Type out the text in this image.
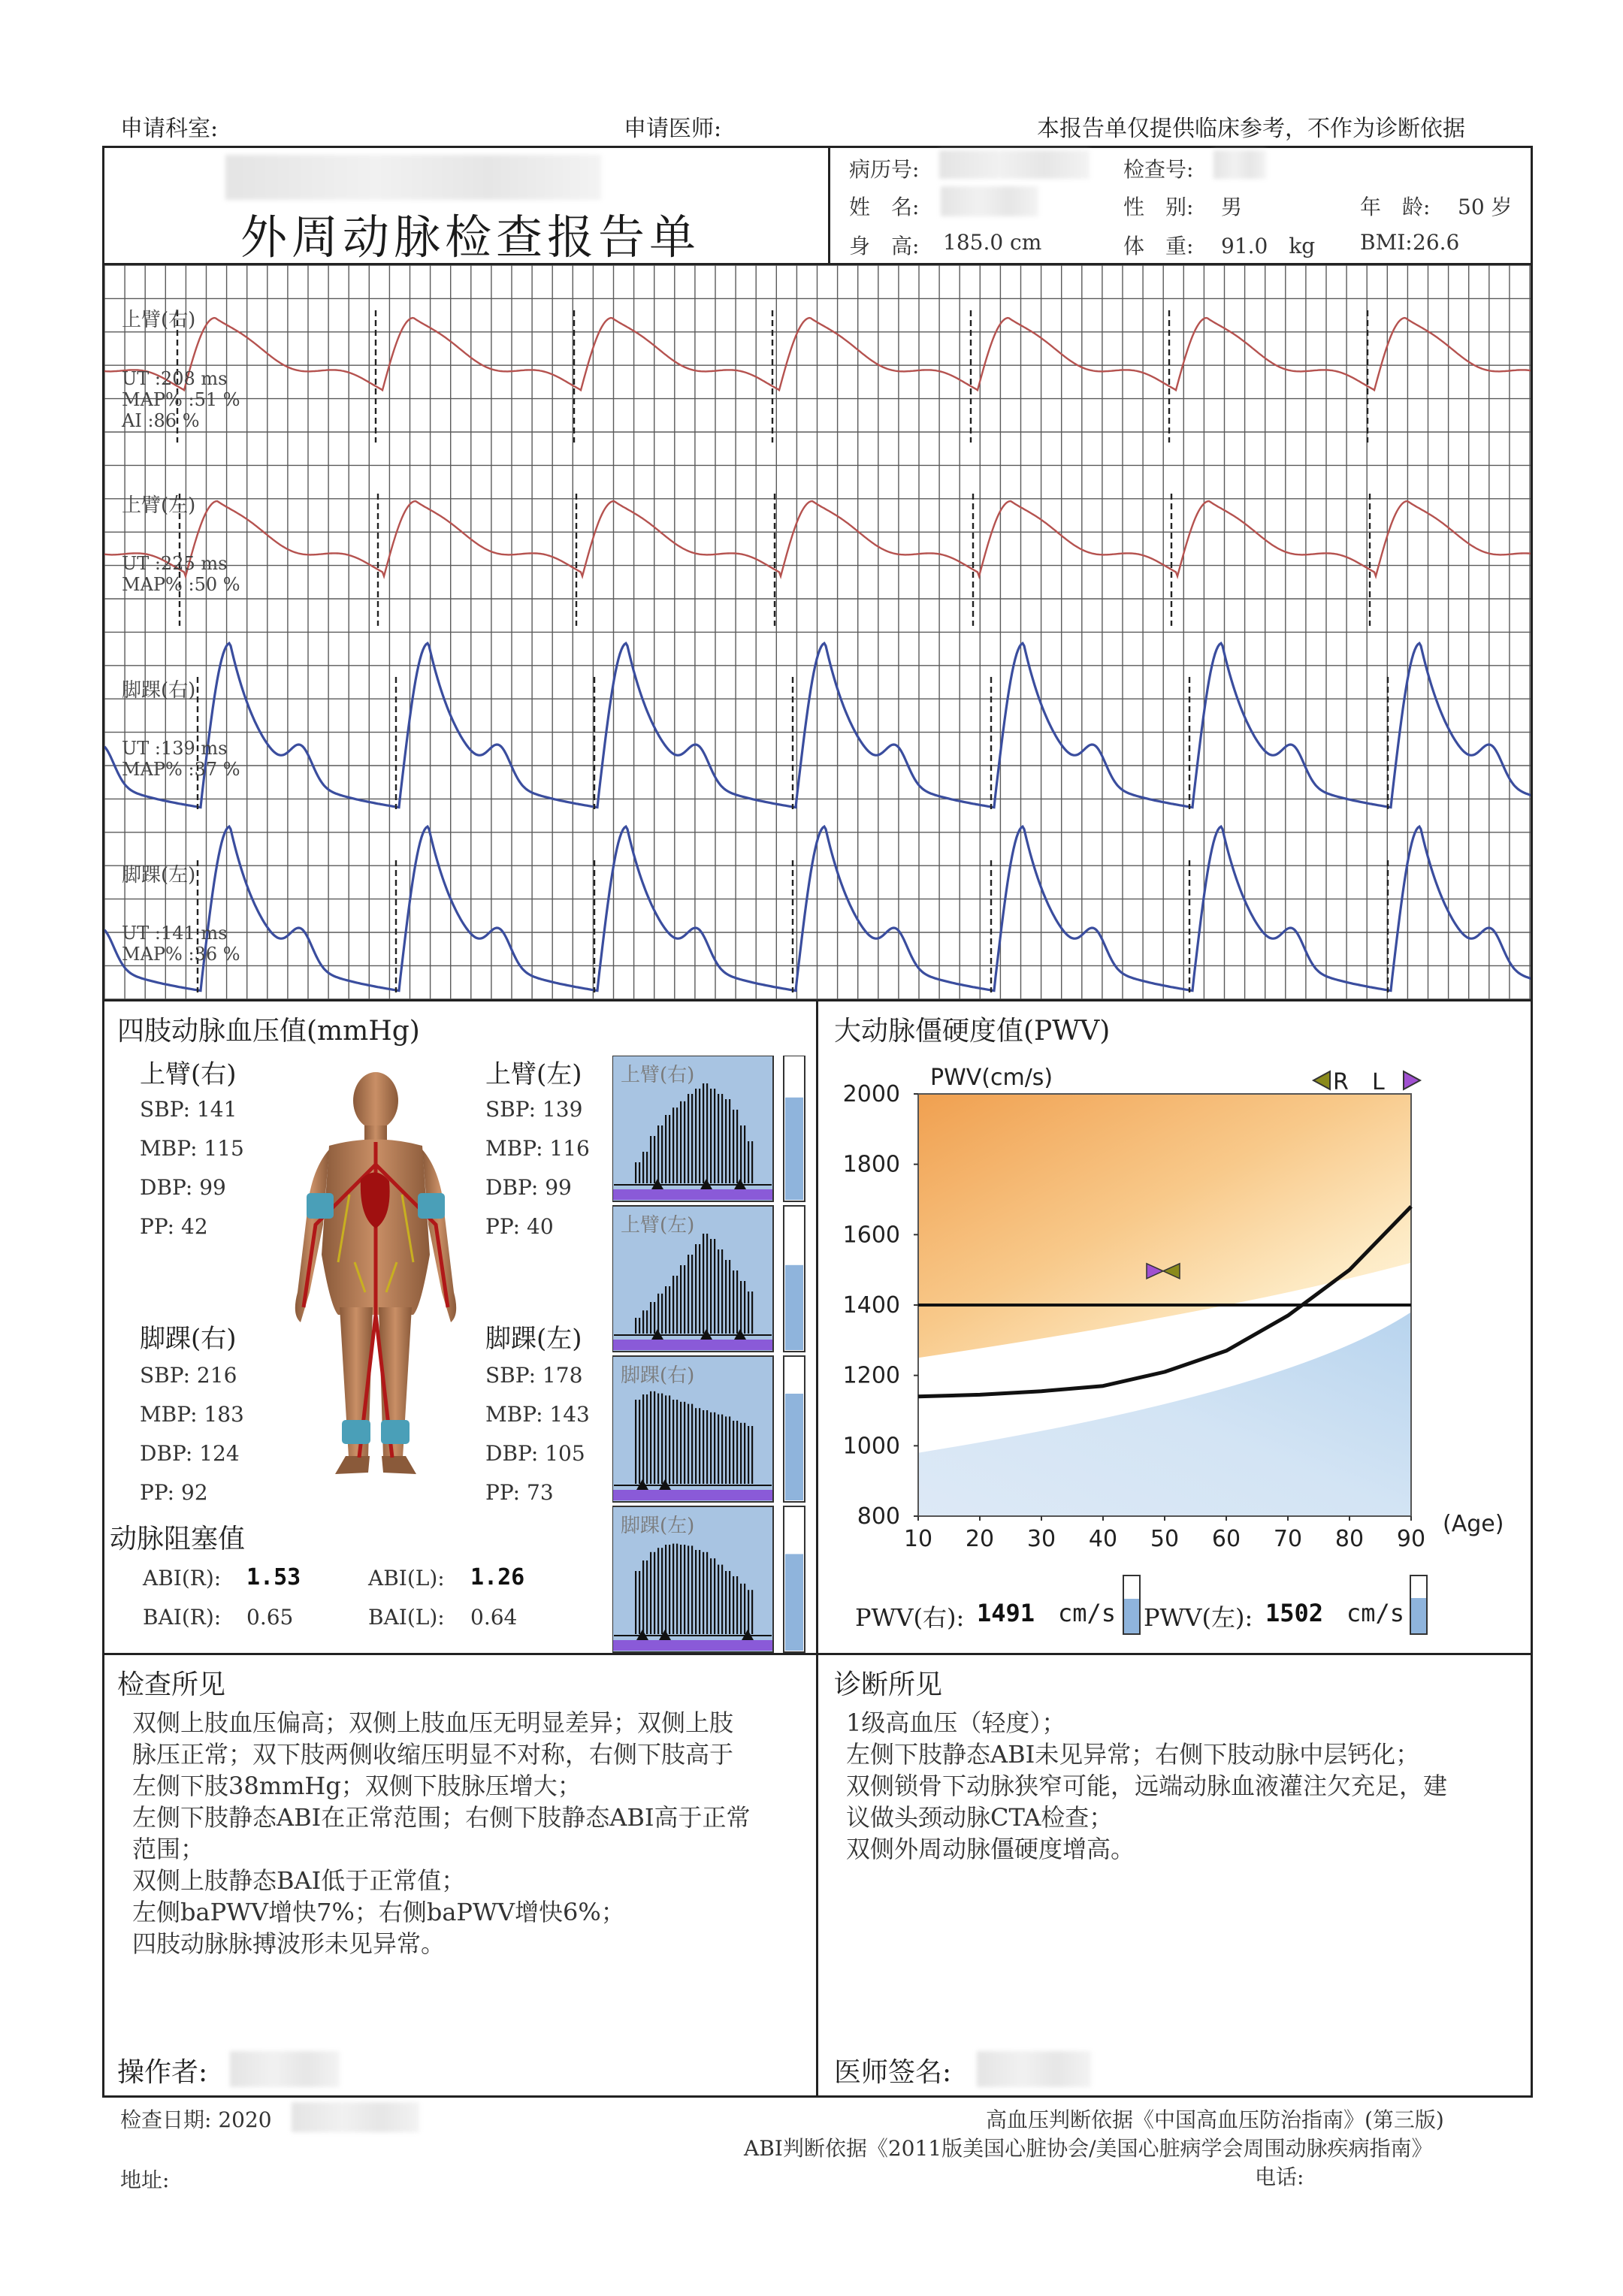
申请科室:	申请医师:	本报告单仅提供临床参考，不作为诊断依据
外周动脉检查报告单
病历号:	检查号:
姓　名:	性　别: 男	年　龄: 50 岁
身　高: 185.0 cm	体　重: 91.0　kg BMI: 26.6
上臂(右)
UT :208 ms
MAP% :51 %
AI :86 %
上臂(左)
UT :225 ms
MAP% :50 %
脚踝(右)
UT :139 ms
MAP% :37 %
脚踝(左)
UT :141 ms
MAP% :36 %
四肢动脉血压值(mmHg)
上臂(右)
SBP: 141
MBP: 115
DBP: 99
PP: 42
上臂(左)
SBP: 139
MBP: 116
DBP: 99
PP: 40
脚踝(右)
SBP: 216
MBP: 183
DBP: 124
PP: 92
脚踝(左)
SBP: 178
MBP: 143
DBP: 105
PP: 73
上臂(右)
上臂(左)
脚踝(右)
脚踝(左)
动脉阻塞值
ABI(R): 1.53	ABI(L): 1.26
BAI(R): 0.65	BAI(L): 0.64
大动脉僵硬度值(PWV)
800
1000
1200
1400
1600
1800
2000
10 20 30 40 50 60 70 80 90
PWV(cm/s)
(Age)
R L
PWV(右): 1491 cm/s PWV(左): 1502 cm/s
检查所见
双侧上肢血压偏高；双侧上肢血压无明显差异；双侧上肢
脉压正常；双下肢两侧收缩压明显不对称，右侧下肢高于
左侧下肢38mmHg；双侧下肢脉压增大；
左侧下肢静态ABI在正常范围；右侧下肢静态ABI高于正常
范围；
双侧上肢静态BAI低于正常值；
左侧baPWV增快7%；右侧baPWV增快6%；
四肢动脉脉搏波形未见异常。
操作者:
诊断所见
1级高血压（轻度）；
左侧下肢静态ABI未见异常；右侧下肢动脉中层钙化；
双侧锁骨下动脉狭窄可能，远端动脉血液灌注欠充足，建
议做头颈动脉CTA检查；
双侧外周动脉僵硬度增高。
医师签名:
检查日期: 2020	高血压判断依据《中国高血压防治指南》(第三版)
ABI判断依据《2011版美国心脏协会/美国心脏病学会周围动脉疾病指南》
地址:	电话:
